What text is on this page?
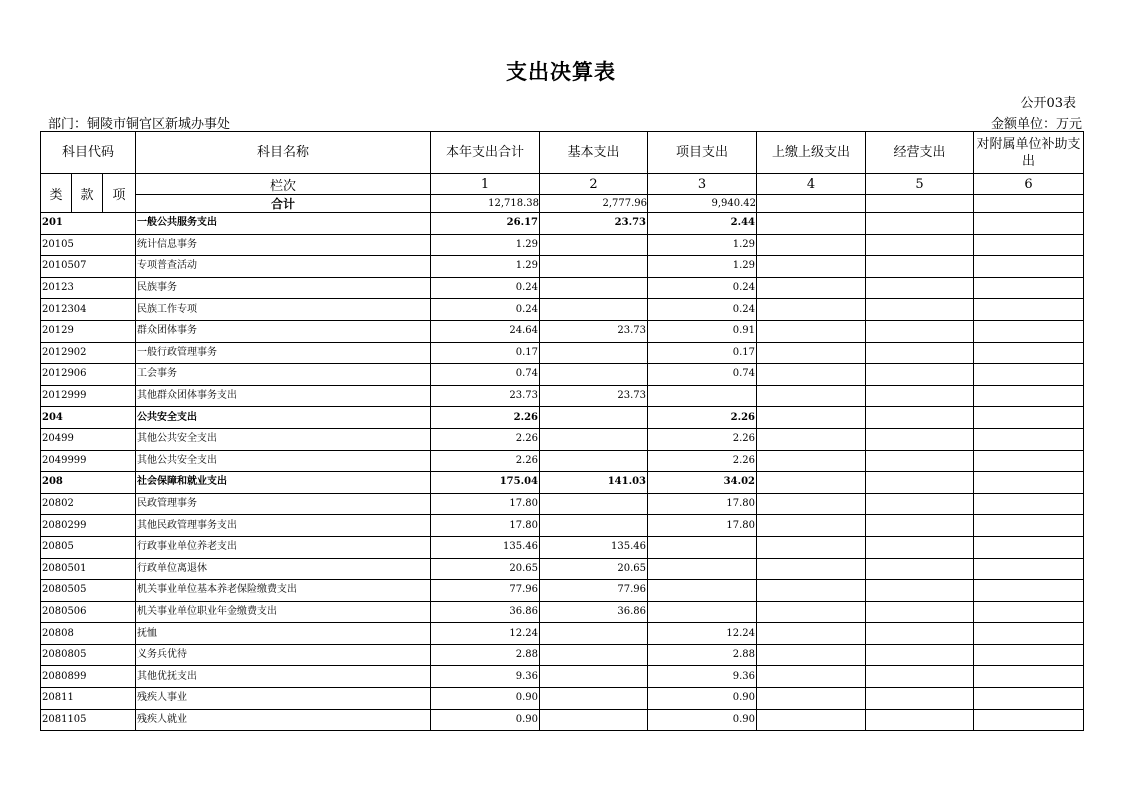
支出决算表
公开03表
部门：铜陵市铜官区新城办事处	金额单位：万元
科目代码			科目名称	本年支出合计	基本支出	项目支出	上缴上级支出	经营支出	对附属单位补助支出
类	款	项	栏次	1	2	3	4	5	6
			合计	12,718.38	2,777.96	9,940.42			
201			一般公共服务支出	26.17	23.73	2.44			
20105			统计信息事务	1.29		1.29			
2010507			专项普查活动	1.29		1.29			
20123			民族事务	0.24		0.24			
2012304			民族工作专项	0.24		0.24			
20129			群众团体事务	24.64	23.73	0.91			
2012902			一般行政管理事务	0.17		0.17			
2012906			工会事务	0.74		0.74			
2012999			其他群众团体事务支出	23.73	23.73				
204			公共安全支出	2.26		2.26			
20499			其他公共安全支出	2.26		2.26			
2049999			其他公共安全支出	2.26		2.26			
208			社会保障和就业支出	175.04	141.03	34.02			
20802			民政管理事务	17.80		17.80			
2080299			其他民政管理事务支出	17.80		17.80			
20805			行政事业单位养老支出	135.46	135.46				
2080501			行政单位离退休	20.65	20.65				
2080505			机关事业单位基本养老保险缴费支出	77.96	77.96				
2080506			机关事业单位职业年金缴费支出	36.86	36.86				
20808			抚恤	12.24		12.24			
2080805			义务兵优待	2.88		2.88			
2080899			其他优抚支出	9.36		9.36			
20811			残疾人事业	0.90		0.90			
2081105			残疾人就业	0.90		0.90			
